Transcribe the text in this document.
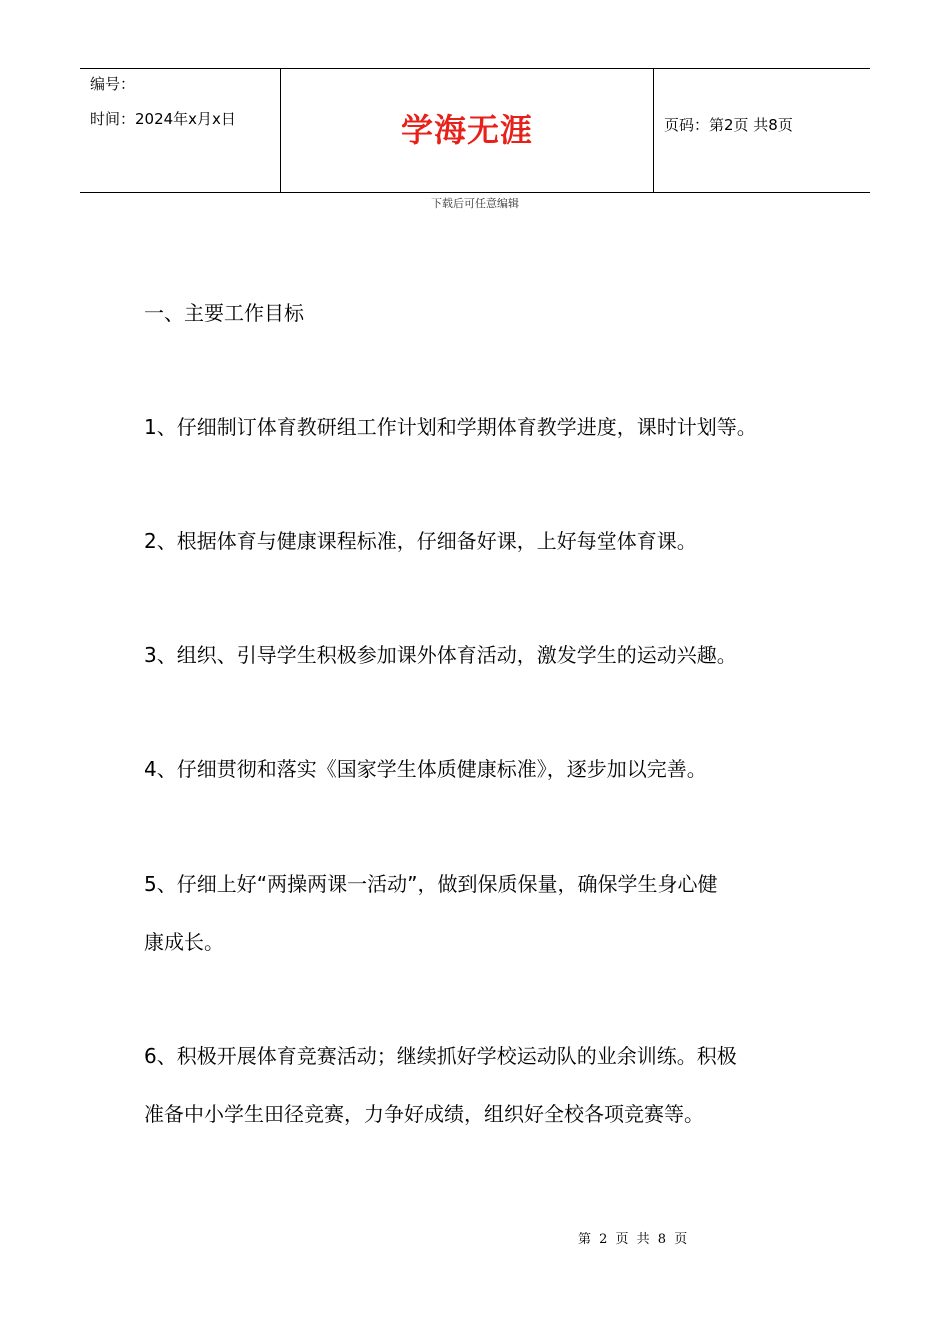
编号：
时间：2024年x月x日	学海无涯	页码：第2页 共8页
下载后可任意编辑
一、主要工作目标
1、仔细制订体育教研组工作计划和学期体育教学进度，课时计划等。
2、根据体育与健康课程标准，仔细备好课，上好每堂体育课。
3、组织、引导学生积极参加课外体育活动，激发学生的运动兴趣。
4、仔细贯彻和落实《国家学生体质健康标准》，逐步加以完善。
5、仔细上好“两操两课一活动”，做到保质保量，确保学生身心健
康成长。
6、积极开展体育竞赛活动；继续抓好学校运动队的业余训练。积极
准备中小学生田径竞赛，力争好成绩，组织好全校各项竞赛等。
第 2 页 共 8 页
